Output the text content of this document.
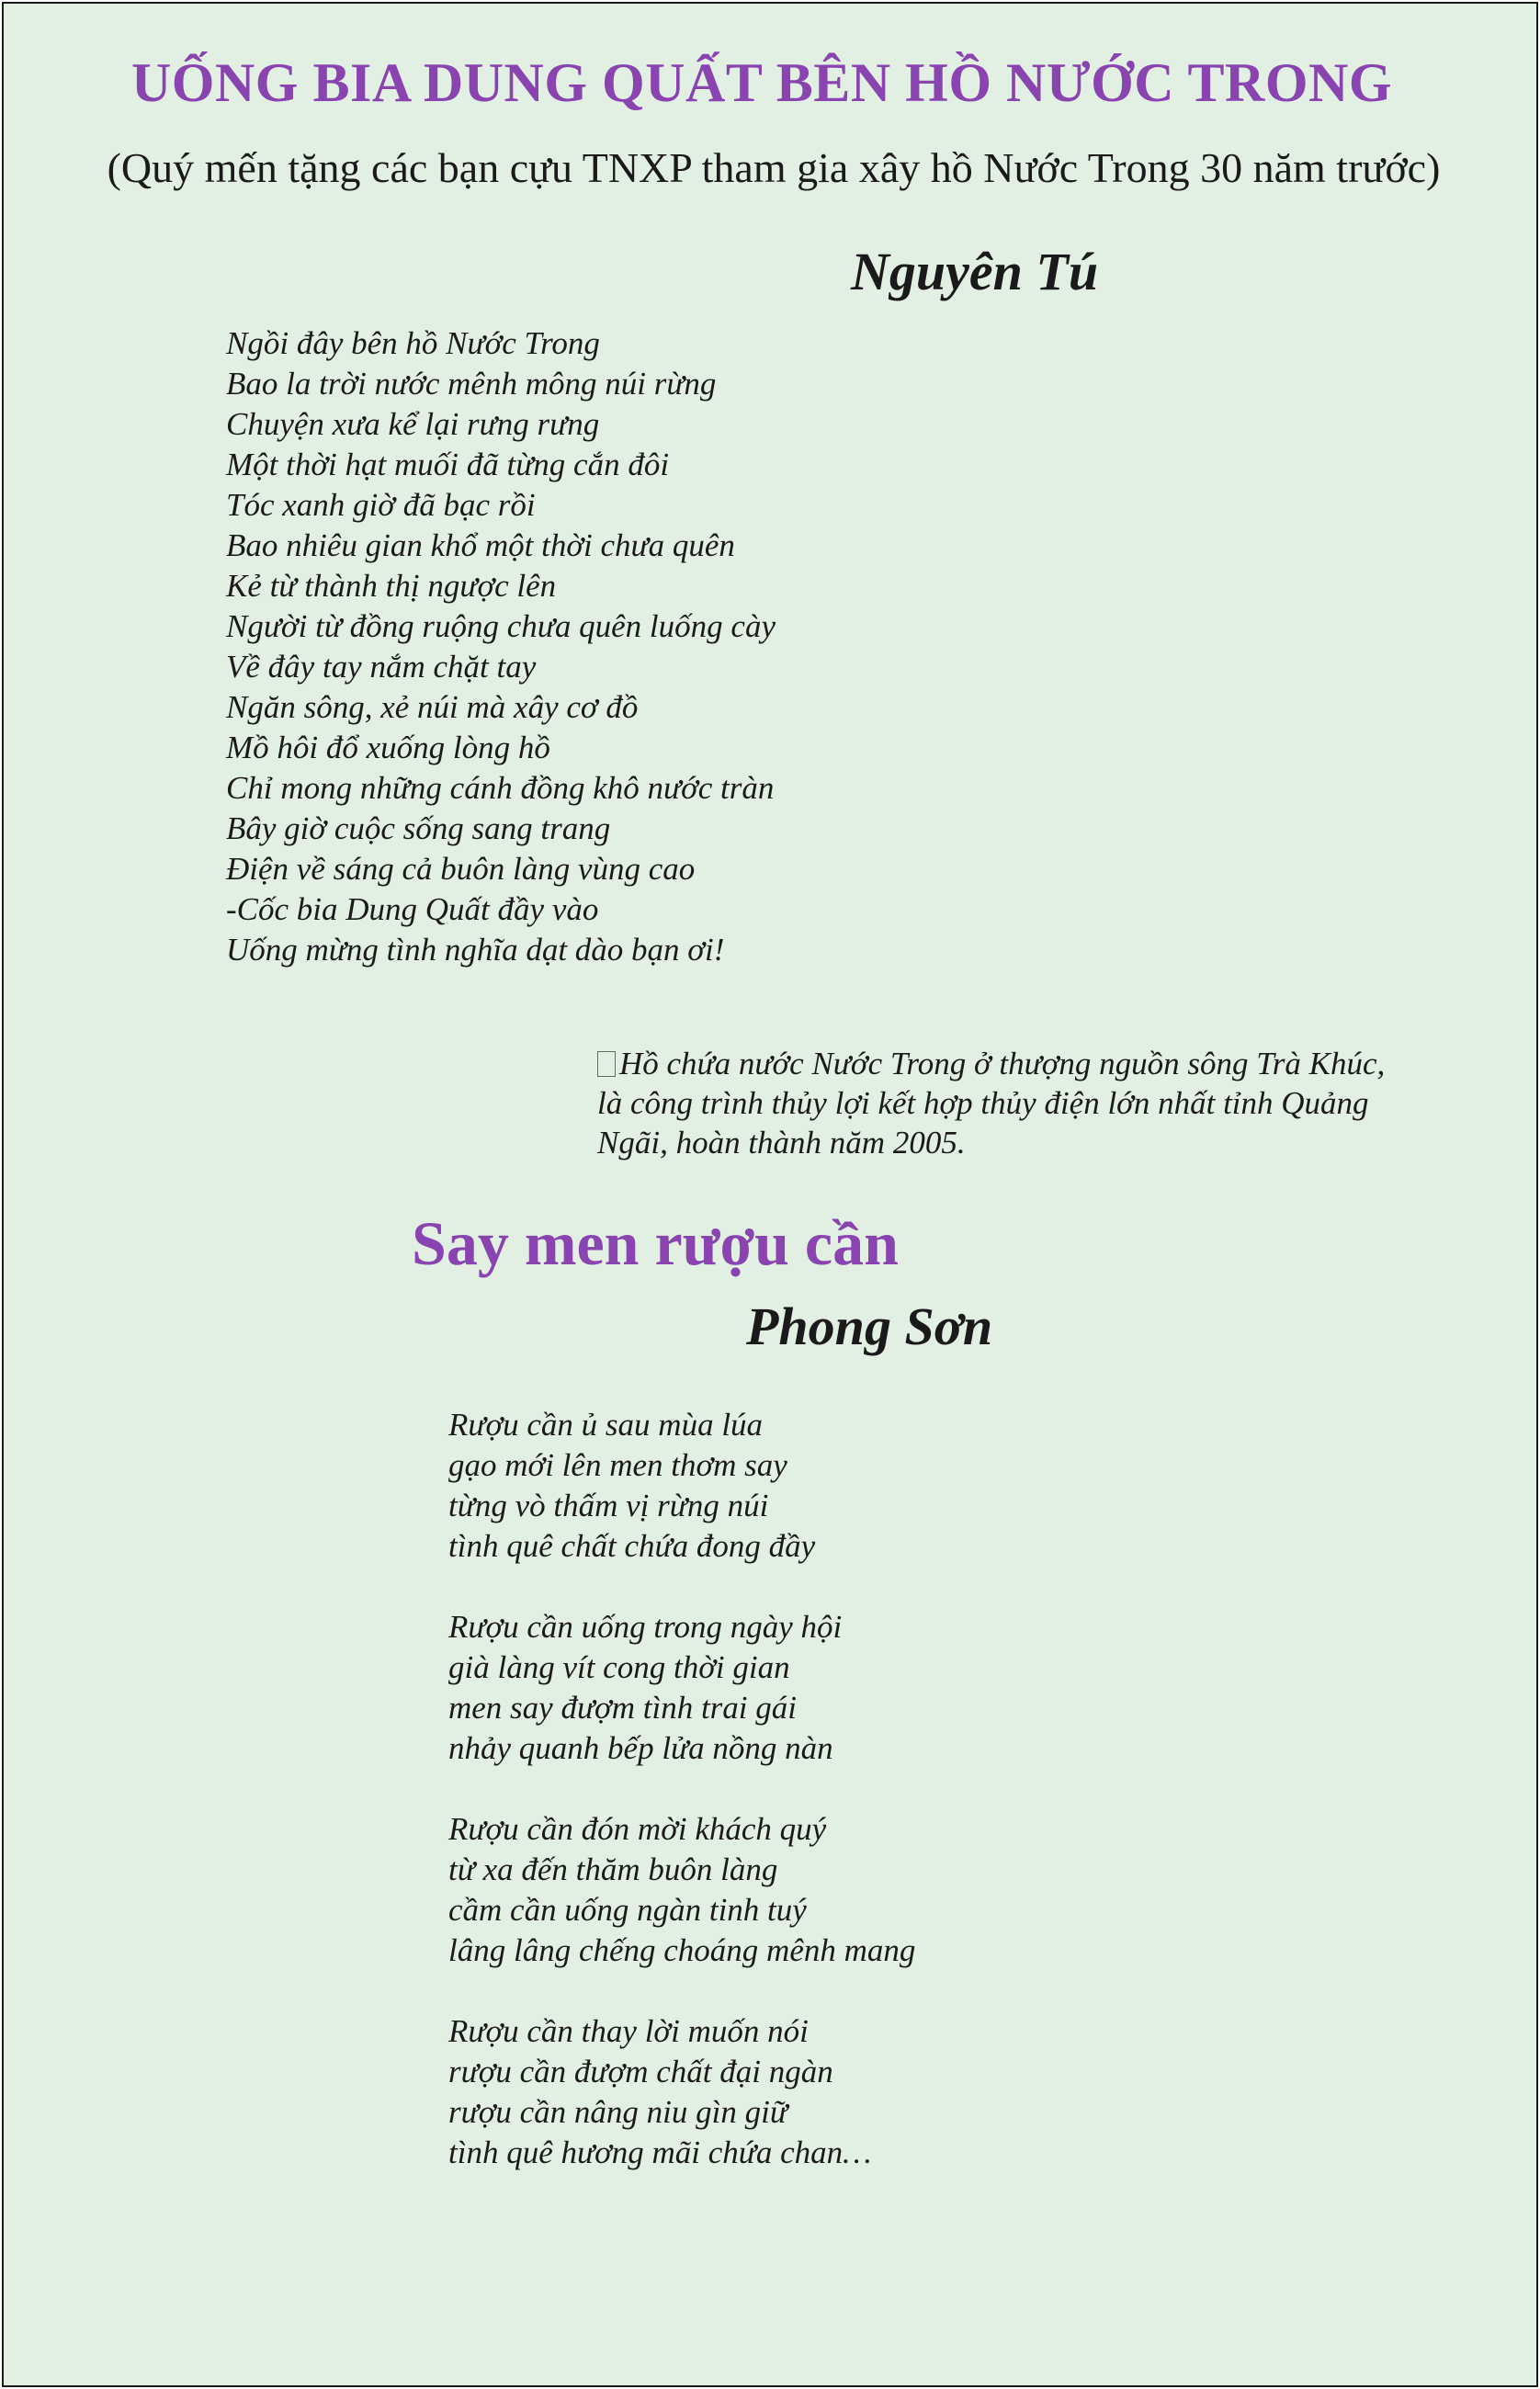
UỐNG BIA DUNG QUẤT BÊN HỒ NƯỚC TRONG
(Quý mến tặng các bạn cựu TNXP tham gia xây hồ Nước Trong 30 năm trước)
Nguyên Tú
Ngồi đây bên hồ Nước Trong
Bao la trời nước mênh mông núi rừng
Chuyện xưa kể lại rưng rưng
Một thời hạt muối đã từng cắn đôi
Tóc xanh giờ đã bạc rồi
Bao nhiêu gian khổ một thời chưa quên
Kẻ từ thành thị ngược lên
Người từ đồng ruộng chưa quên luống cày
Về đây tay nắm chặt tay
Ngăn sông, xẻ núi mà xây cơ đồ
Mồ hôi đổ xuống lòng hồ
Chỉ mong những cánh đồng khô nước tràn
Bây giờ cuộc sống sang trang
Điện về sáng cả buôn làng vùng cao
-Cốc bia Dung Quất đầy vào
Uống mừng tình nghĩa dạt dào bạn ơi!
Hồ chứa nước Nước Trong ở thượng nguồn sông Trà Khúc, là công trình thủy lợi kết hợp thủy điện lớn nhất tỉnh Quảng Ngãi, hoàn thành năm 2005.
Say men rượu cần
Phong Sơn
Rượu cần ủ sau mùa lúa
gạo mới lên men thơm say
từng vò thấm vị rừng núi
tình quê chất chứa đong đầy
Rượu cần uống trong ngày hội
già làng vít cong thời gian
men say đượm tình trai gái
nhảy quanh bếp lửa nồng nàn
Rượu cần đón mời khách quý
từ xa đến thăm buôn làng
cầm cần uống ngàn tinh tuý
lâng lâng chếng choáng mênh mang
Rượu cần thay lời muốn nói
rượu cần đượm chất đại ngàn
rượu cần nâng niu gìn giữ
tình quê hương mãi chứa chan…
